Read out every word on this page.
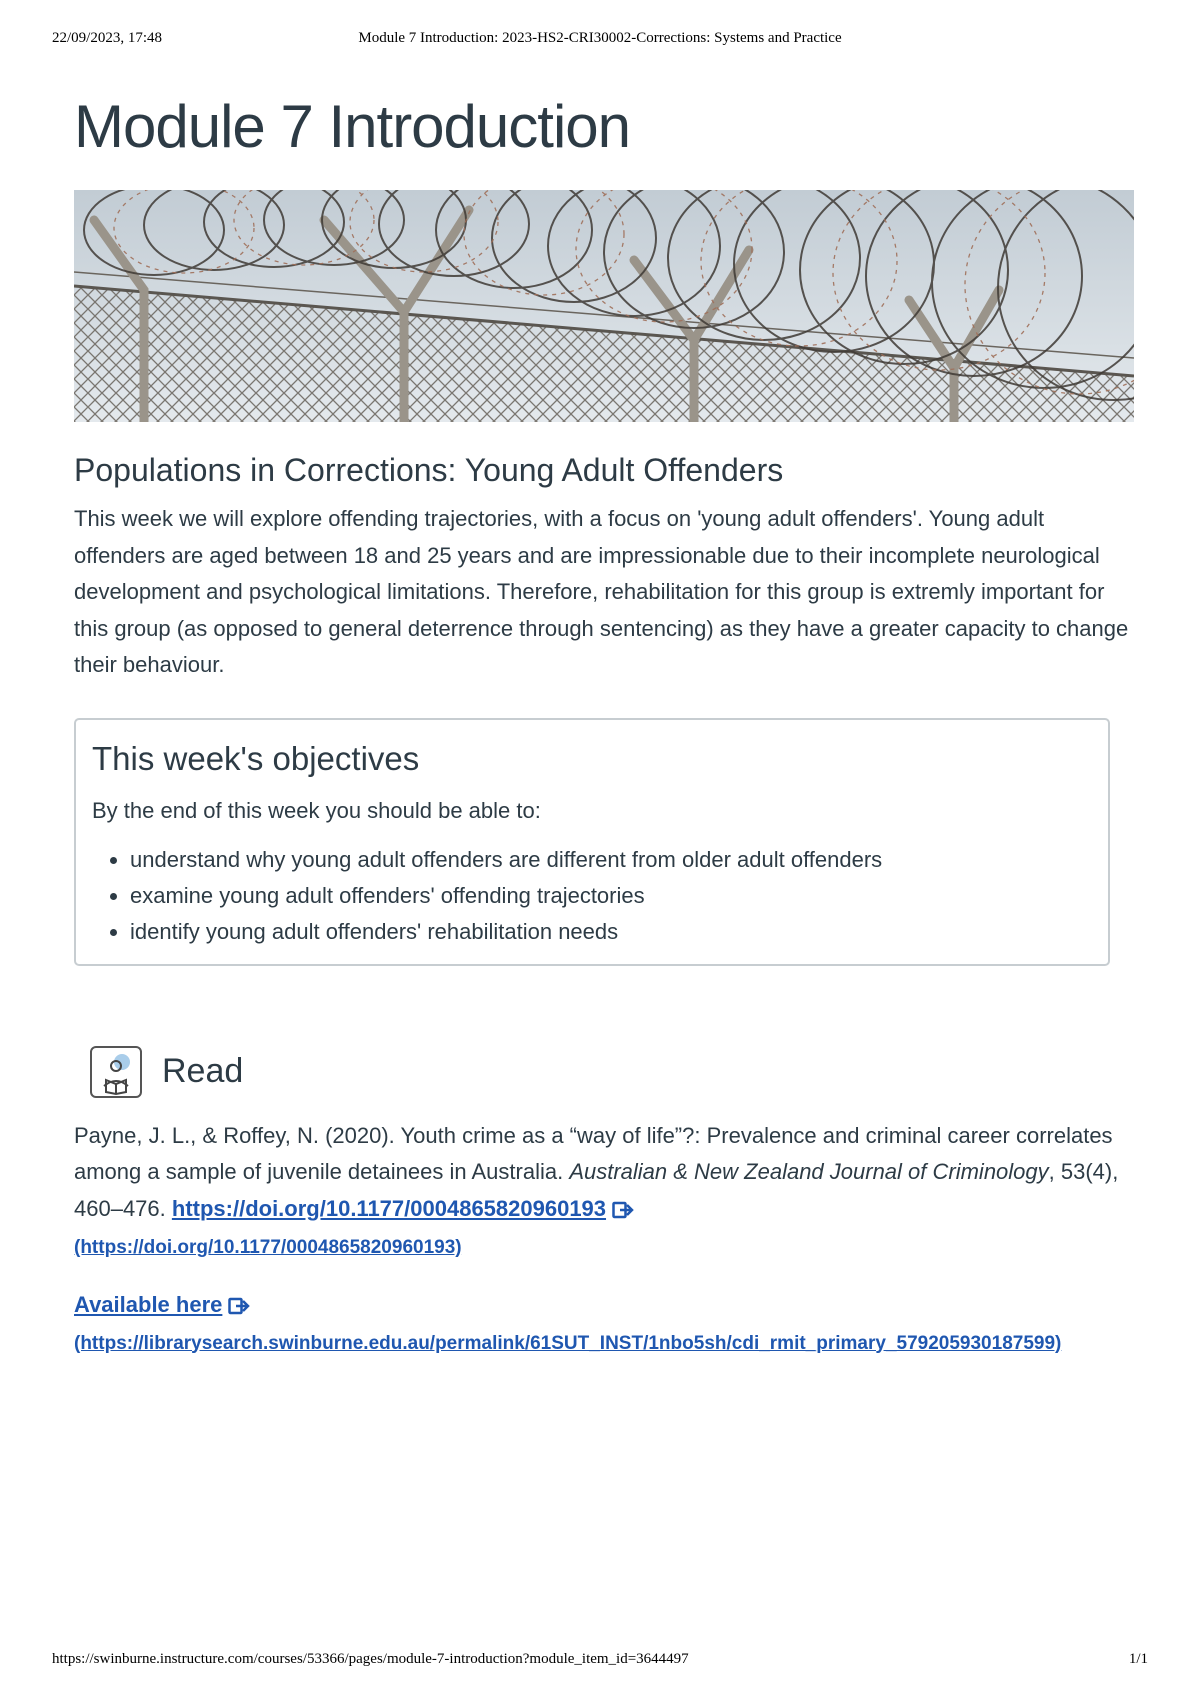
22/09/2023, 17:48	Module 7 Introduction: 2023-HS2-CRI30002-Corrections: Systems and Practice
Module 7 Introduction
Populations in Corrections: Young Adult Offenders

This week we will explore offending trajectories, with a focus on 'young adult offenders'. Young adult offenders are aged between 18 and 25 years and are impressionable due to their incomplete neurological development and psychological limitations. Therefore, rehabilitation for this group is extremly important for this group (as opposed to general deterrence through sentencing) as they have a greater capacity to change their behaviour.

This week's objectives

By the end of this week you should be able to:

• understand why young adult offenders are different from older adult offenders
• examine young adult offenders' offending trajectories
• identify young adult offenders' rehabilitation needs
Read

Payne, J. L., & Roffey, N. (2020). Youth crime as a “way of life”?: Prevalence and criminal career correlates among a sample of juvenile detainees in Australia. Australian & New Zealand Journal of Criminology, 53(4), 460–476. https://doi.org/10.1177/0004865820960193
(https://doi.org/10.1177/0004865820960193)

Available here
(https://librarysearch.swinburne.edu.au/permalink/61SUT_INST/1nbo5sh/cdi_rmit_primary_579205930187599)

https://swinburne.instructure.com/courses/53366/pages/module-7-introduction?module_item_id=3644497	1/1
